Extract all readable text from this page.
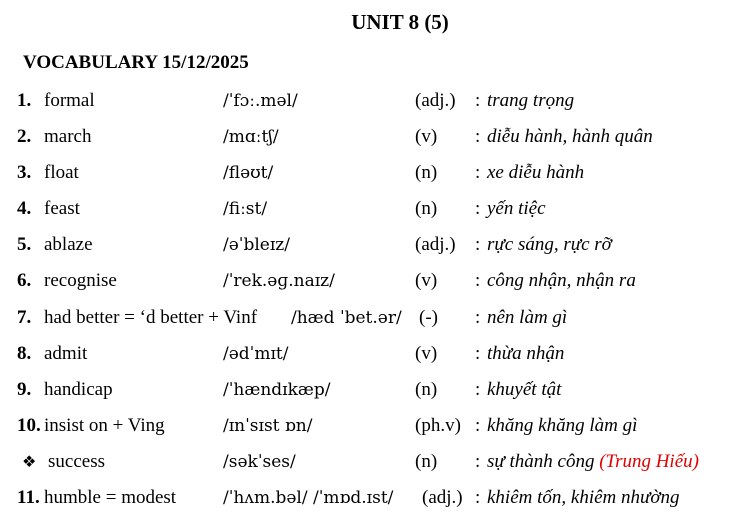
UNIT 8 (5)
VOCABULARY 15/12/2025
1. formal	/ˈfɔː.məl/	(adj.) : trang trọng
2. march	/mɑːtʃ/	(v) : diễu hành, hành quân
3. float	/fləʊt/	(n) : xe diễu hành
4. feast	/fiːst/	(n) : yến tiệc
5. ablaze	/əˈbleɪz/	(adj.) : rực sáng, rực rỡ
6. recognise	/ˈrek.əɡ.naɪz/	(v) : công nhận, nhận ra
7. had better = ‘d better + Vinf /hæd ˈbet.ər/ (-) : nên làm gì
8. admit	/ədˈmɪt/	(v) : thừa nhận
9. handicap	/ˈhændɪkæp/	(n) : khuyết tật
10. insist on + Ving	/ɪnˈsɪst ɒn/	(ph.v) : khăng khăng làm gì
❖ success	/səkˈses/	(n) : sự thành công (Trung Hiếu)
11. humble = modest	/ˈhʌm.bəl/ /ˈmɒd.ɪst/ (adj.) : khiêm tốn, khiêm nhường
